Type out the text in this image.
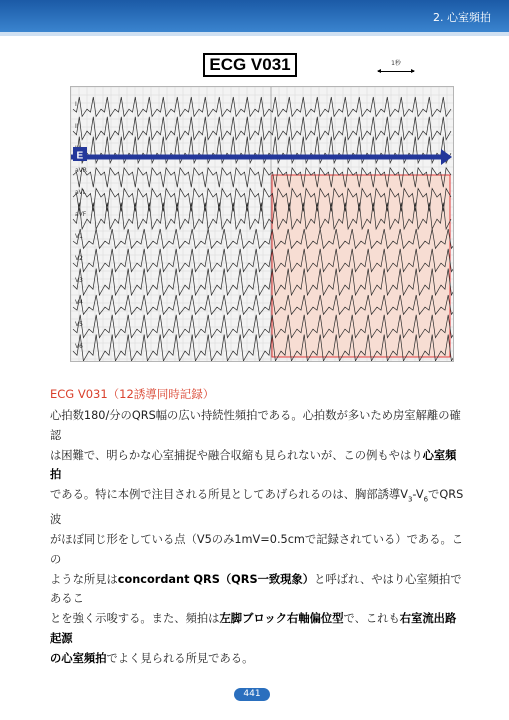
2. 心室頻拍
ECG V031	1秒
I
II
aVR
aVL
aVF
V1
V2
V3
V4
V5
V6
E
ECG V031（12誘導同時記録）
心拍数180/分のQRS幅の広い持続性頻拍である。心拍数が多いため房室解離の確認
は困難で、明らかな心室捕捉や融合収縮も見られないが、この例もやはり心室頻拍
である。特に本例で注目される所見としてあげられるのは、胸部誘導$V_3-V_6$でQRS波
がほぼ同じ形をしている点（V5のみ1mV=0.5cmで記録されている）である。この
ような所見はconcordant QRS（QRS一致現象）と呼ばれ、やはり心室頻拍であるこ
とを強く示唆する。また、頻拍は左脚ブロック右軸偏位型で、これも右室流出路起源
の心室頻拍でよく見られる所見である。
441
